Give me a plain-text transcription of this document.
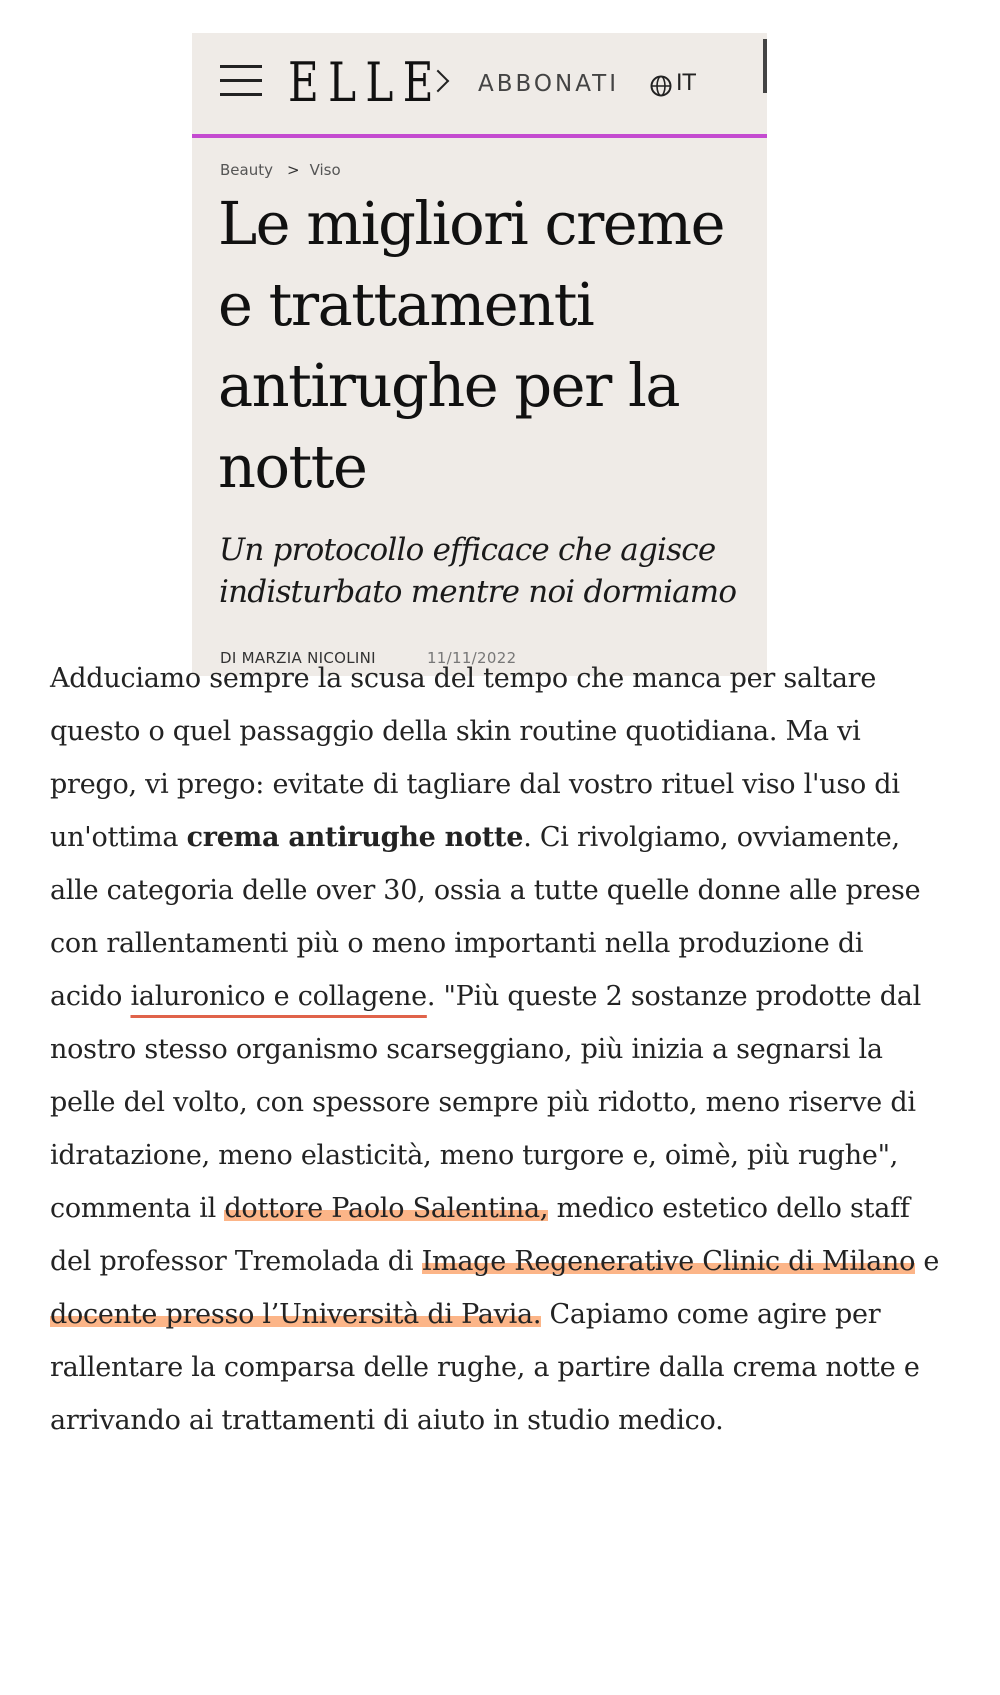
ELLE ABBONATI	IT
Beauty > Viso
Le migliori creme e trattamenti antirughe per la notte
Un protocollo efficace che agisce indisturbato mentre noi dormiamo
DI MARZIA NICOLINI	11/11/2022

Adduciamo sempre la scusa del tempo che manca per saltare questo o quel passaggio della skin routine quotidiana. Ma vi prego, vi prego: evitate di tagliare dal vostro rituel viso l'uso di un'ottima crema antirughe notte. Ci rivolgiamo, ovviamente, alle categoria delle over 30, ossia a tutte quelle donne alle prese con rallentamenti più o meno importanti nella produzione di acido ialuronico e collagene. "Più queste 2 sostanze prodotte dal nostro stesso organismo scarseggiano, più inizia a segnarsi la pelle del volto, con spessore sempre più ridotto, meno riserve di idratazione, meno elasticità, meno turgore e, oimè, più rughe", commenta il dottore Paolo Salentina, medico estetico dello staff del professor Tremolada di Image Regenerative Clinic di Milano e docente presso l’Università di Pavia. Capiamo come agire per rallentare la comparsa delle rughe, a partire dalla crema notte e arrivando ai trattamenti di aiuto in studio medico.
